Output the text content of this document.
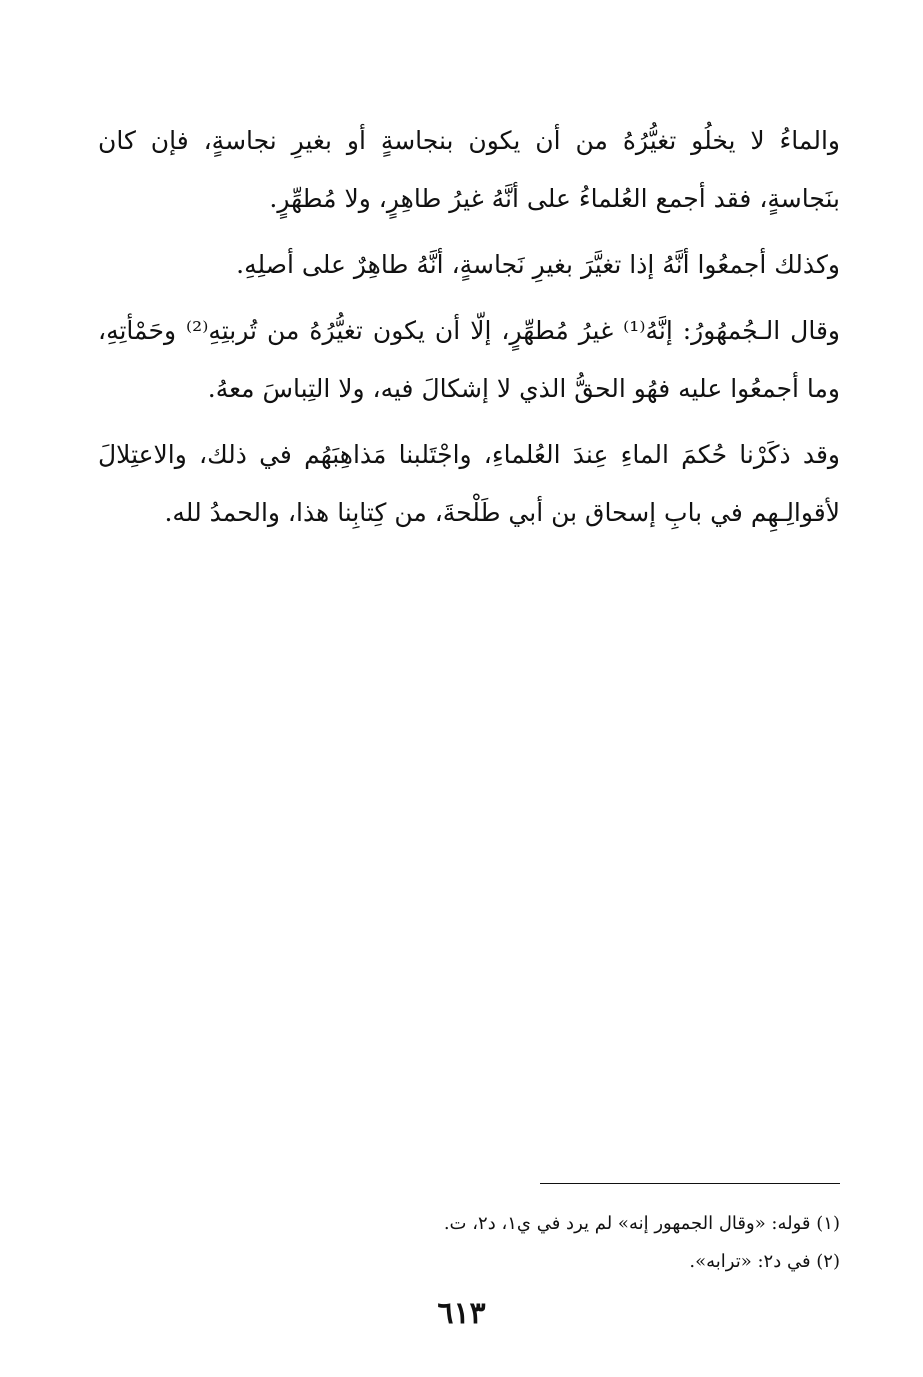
والماءُ لا يخلُو تغيُّرُهُ من أن يكون بنجاسةٍ أو بغيرِ نجاسةٍ، فإن كان بنَجاسةٍ، فقد أجمع العُلماءُ على أنَّهُ غيرُ طاهِرٍ، ولا مُطهِّرٍ.

وكذلك أجمعُوا أنَّهُ إذا تغيَّرَ بغيرِ نَجاسةٍ، أنَّهُ طاهِرٌ على أصلِهِ.

وقال الـجُمهُورُ: إنَّهُ⁽¹⁾ غيرُ مُطهِّرٍ، إلّا أن يكون تغيُّرُهُ من تُربتِهِ⁽²⁾ وحَمْأتِهِ، وما أجمعُوا عليه فهُو الحقُّ الذي لا إشكالَ فيه، ولا التِباسَ معهُ.

وقد ذكَرْنا حُكمَ الماءِ عِندَ العُلماءِ، واجْتَلبنا مَذاهِبَهُم في ذلك، والاعتِلالَ لأقوالِـهِم في بابِ إسحاق بن أبي طَلْحةَ، من كِتابِنا هذا، والحمدُ لله.

(١) قوله: «وقال الجمهور إنه» لم يرد في ي١، د٢، ت.

(٢) في د٢: «ترابه».

٦١٣
